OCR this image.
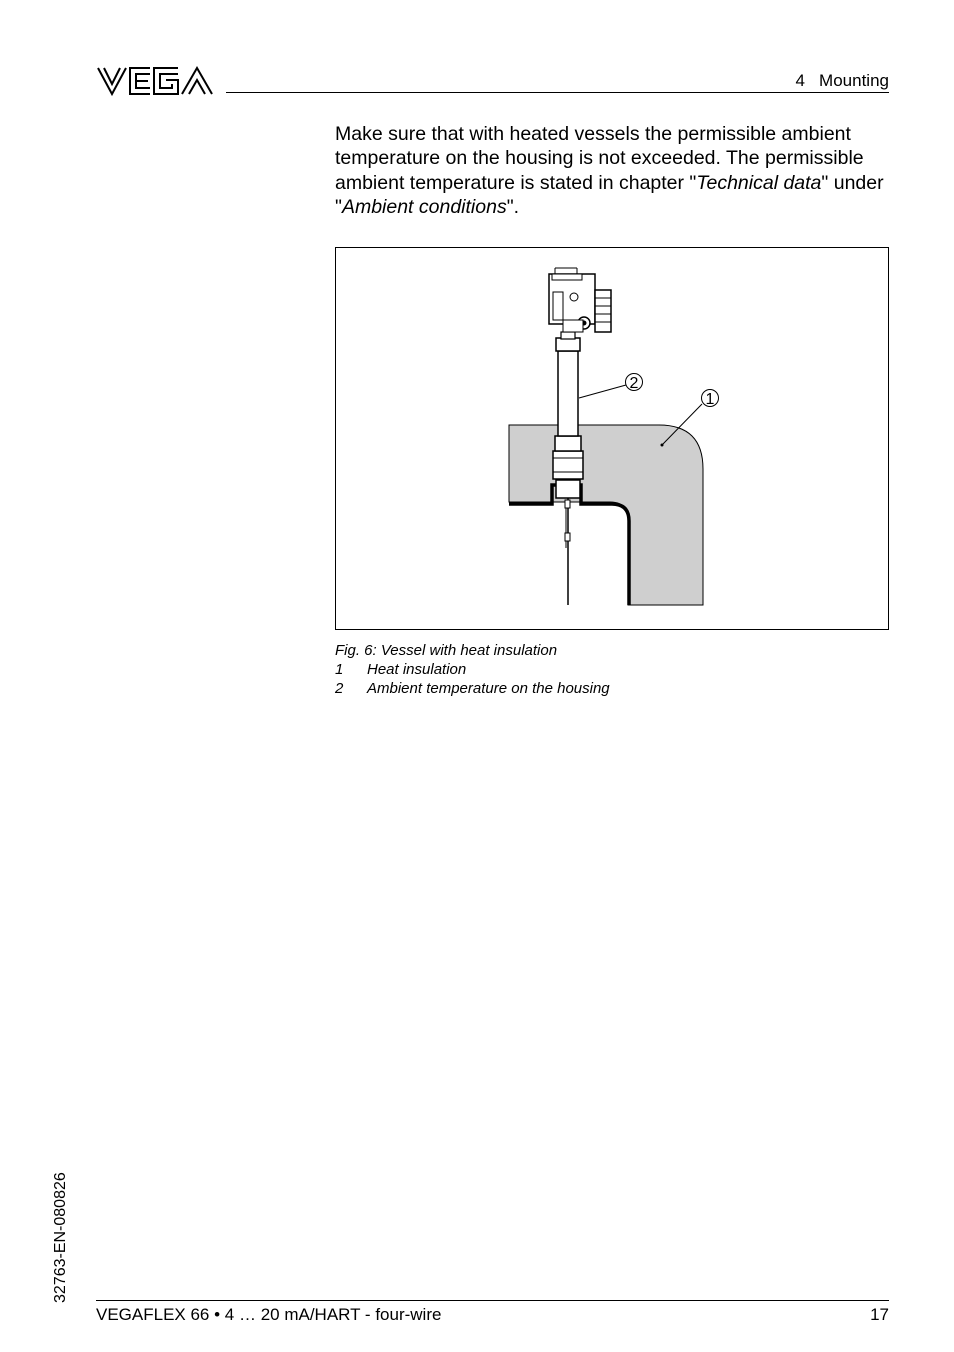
4   Mounting

Make sure that with heated vessels the permissible ambient temperature on the housing is not exceeded. The permissible ambient temperature is stated in chapter "Technical data" under "Ambient conditions".

2
1
Fig. 6: Vessel with heat insulation
1	Heat insulation
2	Ambient temperature on the housing
32763-EN-080826
VEGAFLEX 66 • 4 … 20 mA/HART - four-wire	17
